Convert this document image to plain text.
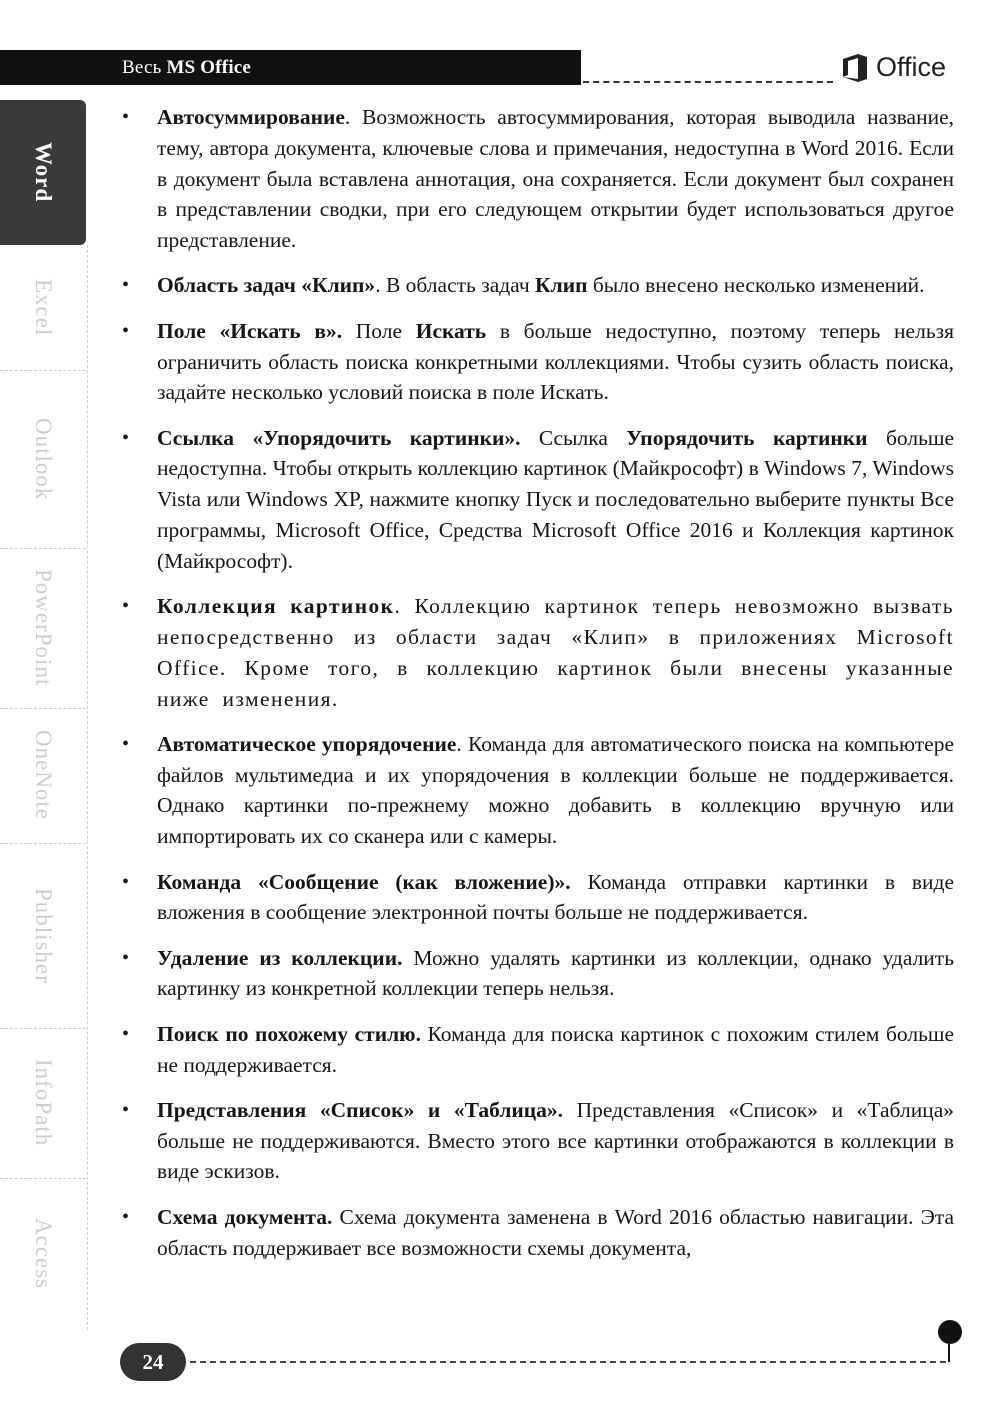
Весь MS Office	Office
Word
Excel
Outlook
PowerPoint
OneNote
Publisher
InfoPath
Access

• Автосуммирование. Возможность автосуммирования, которая выводила название, тему, автора документа, ключевые слова и примечания, недоступна в Word 2016. Если в документ была вставлена аннотация, она сохраняется. Если документ был сохранен в представлении сводки, при его следующем открытии будет использоваться другое представление.

• Область задач «Клип». В область задач Клип было внесено несколько изменений.

• Поле «Искать в». Поле Искать в больше недоступно, поэтому теперь нельзя ограничить область поиска конкретными коллекциями. Чтобы сузить область поиска, задайте несколько условий поиска в поле Искать.

• Ссылка «Упорядочить картинки». Ссылка Упорядочить картинки больше недоступна. Чтобы открыть коллекцию картинок (Майкрософт) в Windows 7, Windows Vista или Windows XP, нажмите кнопку Пуск и последовательно выберите пункты Все программы, Microsoft Office, Средства Microsoft Office 2016 и Коллекция картинок (Майкрософт).

• Коллекция картинок. Коллекцию картинок теперь невозможно вызвать непосредственно из области задач «Клип» в приложениях Microsoft Office. Кроме того, в коллекцию картинок были внесены указанные ниже изменения.

• Автоматическое упорядочение. Команда для автоматического поиска на компьютере файлов мультимедиа и их упорядочения в коллекции больше не поддерживается. Однако картинки по-прежнему можно добавить в коллекцию вручную или импортировать их со сканера или с камеры.

• Команда «Сообщение (как вложение)». Команда отправки картинки в виде вложения в сообщение электронной почты больше не поддерживается.

• Удаление из коллекции. Можно удалять картинки из коллекции, однако удалить картинку из конкретной коллекции теперь нельзя.

• Поиск по похожему стилю. Команда для поиска картинок с похожим стилем больше не поддерживается.

• Представления «Список» и «Таблица». Представления «Список» и «Таблица» больше не поддерживаются. Вместо этого все картинки отображаются в коллекции в виде эскизов.

• Схема документа. Схема документа заменена в Word 2016 областью навигации. Эта область поддерживает все возможности схемы документа,

24
